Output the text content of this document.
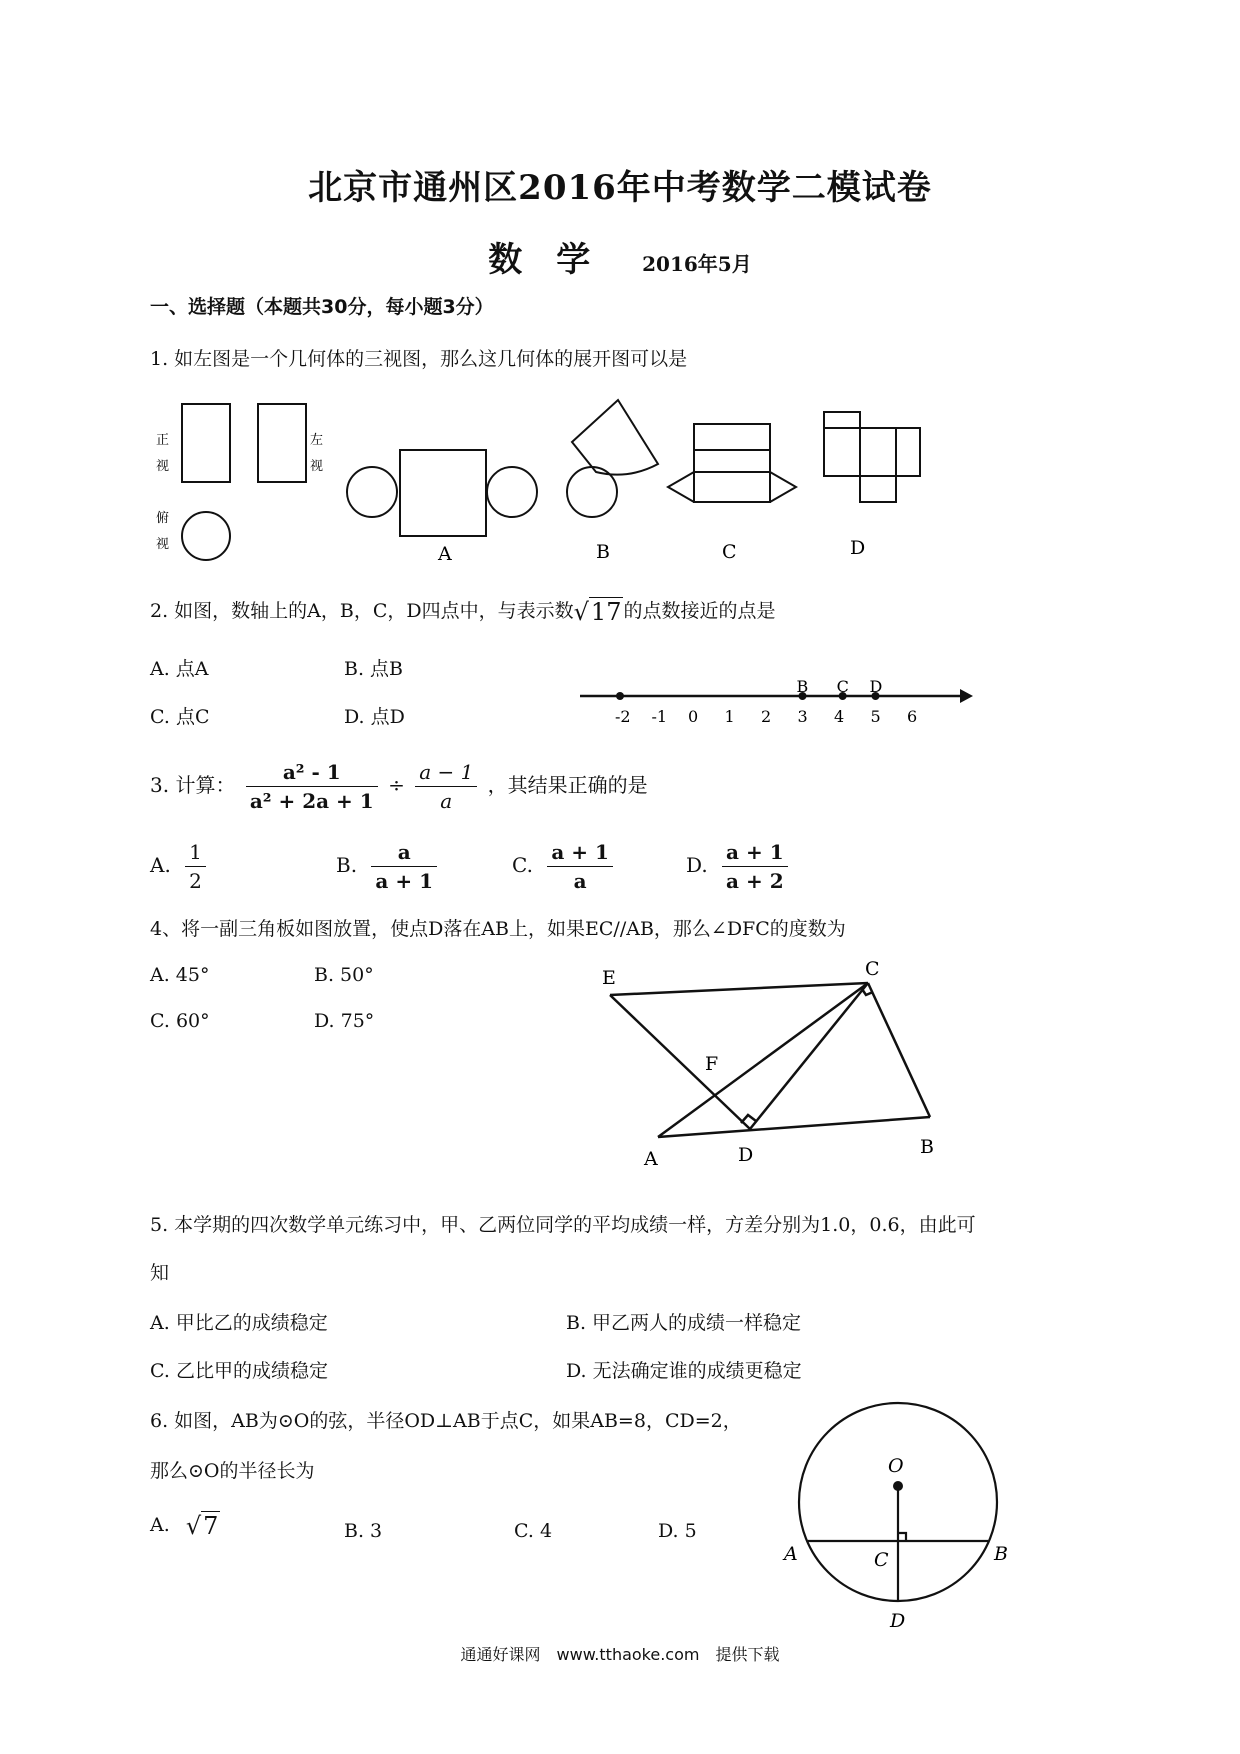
北京市通州区2016年中考数学二模试卷
数　学	2016年5月
一、选择题（本题共30分，每小题3分）
1. 如左图是一个几何体的三视图，那么这几何体的展开图可以是
正视
左视
俯视	A	B	C	D
2. 如图，数轴上的A，B，C，D四点中，与表示数√17 的点数接近的点是
A. 点A	B. 点B
C. 点C	D. 点D	-2 -1 0 1 2 3 4 5 6
B C D
3. 计算： $\frac{\text{a² - 1}}{\text{a² + 2a + 1}} \div \frac{a - 1}{a}$ ，其结果正确的是
A. $\frac{1}{2}$	B. $\frac{a}{a + 1}$	C. $\frac{a + 1}{a}$	D. $\frac{a + 1}{a + 2}$
4、将一副三角板如图放置，使点D落在AB上，如果EC//AB，那么∠DFC的度数为
A. 45°	B. 50°
C. 60°	D. 75°
E	C
F
A	D	B
5. 本学期的四次数学单元练习中，甲、乙两位同学的平均成绩一样，方差分别为1.0，0.6，由此可
知
A. 甲比乙的成绩稳定	B. 甲乙两人的成绩一样稳定
C. 乙比甲的成绩稳定	D. 无法确定谁的成绩更稳定
6. 如图，AB为⊙O的弦，半径OD⊥AB于点C，如果AB=8，CD=2，
那么⊙O的半径长为
A. √7	B. 3	C. 4	D. 5
O
A	B
C
D
通通好课网　www.tthaoke.com　提供下载
